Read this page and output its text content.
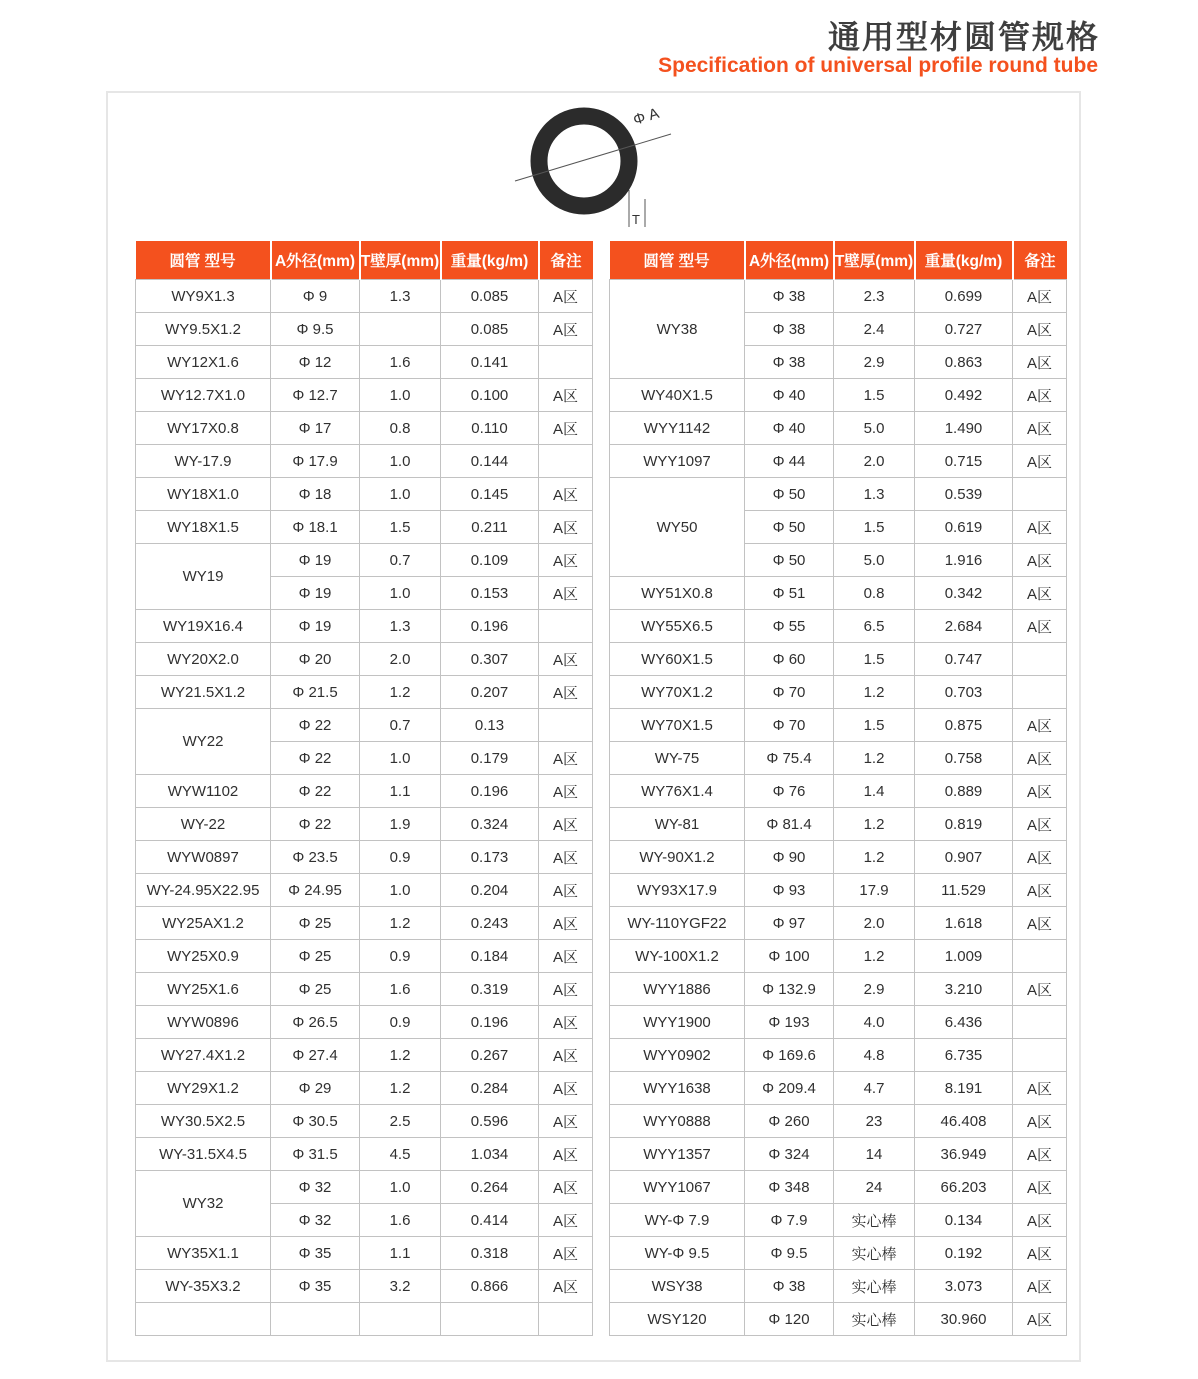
通用型材圆管规格
Specification of universal profile round tube
Φ A
T
圆管 型号	A外径(mm)	T壁厚(mm)	重量(kg/m)	备注
WY9X1.3	Φ 9	1.3	0.085	A区
WY9.5X1.2	Φ 9.5		0.085	A区
WY12X1.6	Φ 12	1.6	0.141	
WY12.7X1.0	Φ 12.7	1.0	0.100	A区
WY17X0.8	Φ 17	0.8	0.110	A区
WY-17.9	Φ 17.9	1.0	0.144	
WY18X1.0	Φ 18	1.0	0.145	A区
WY18X1.5	Φ 18.1	1.5	0.211	A区
WY19	Φ 19	0.7	0.109	A区
	Φ 19	1.0	0.153	A区
WY19X16.4	Φ 19	1.3	0.196	
WY20X2.0	Φ 20	2.0	0.307	A区
WY21.5X1.2	Φ 21.5	1.2	0.207	A区
WY22	Φ 22	0.7	0.13	
	Φ 22	1.0	0.179	A区
WYW1102	Φ 22	1.1	0.196	A区
WY-22	Φ 22	1.9	0.324	A区
WYW0897	Φ 23.5	0.9	0.173	A区
WY-24.95X22.95	Φ 24.95	1.0	0.204	A区
WY25AX1.2	Φ 25	1.2	0.243	A区
WY25X0.9	Φ 25	0.9	0.184	A区
WY25X1.6	Φ 25	1.6	0.319	A区
WYW0896	Φ 26.5	0.9	0.196	A区
WY27.4X1.2	Φ 27.4	1.2	0.267	A区
WY29X1.2	Φ 29	1.2	0.284	A区
WY30.5X2.5	Φ 30.5	2.5	0.596	A区
WY-31.5X4.5	Φ 31.5	4.5	1.034	A区
WY32	Φ 32	1.0	0.264	A区
	Φ 32	1.6	0.414	A区
WY35X1.1	Φ 35	1.1	0.318	A区
WY-35X3.2	Φ 35	3.2	0.866	A区

圆管 型号	A外径(mm)	T壁厚(mm)	重量(kg/m)	备注
WY38	Φ 38	2.3	0.699	A区
	Φ 38	2.4	0.727	A区
	Φ 38	2.9	0.863	A区
WY40X1.5	Φ 40	1.5	0.492	A区
WYY1142	Φ 40	5.0	1.490	A区
WYY1097	Φ 44	2.0	0.715	A区
WY50	Φ 50	1.3	0.539	
	Φ 50	1.5	0.619	A区
	Φ 50	5.0	1.916	A区
WY51X0.8	Φ 51	0.8	0.342	A区
WY55X6.5	Φ 55	6.5	2.684	A区
WY60X1.5	Φ 60	1.5	0.747	
WY70X1.2	Φ 70	1.2	0.703	
WY70X1.5	Φ 70	1.5	0.875	A区
WY-75	Φ 75.4	1.2	0.758	A区
WY76X1.4	Φ 76	1.4	0.889	A区
WY-81	Φ 81.4	1.2	0.819	A区
WY-90X1.2	Φ 90	1.2	0.907	A区
WY93X17.9	Φ 93	17.9	11.529	A区
WY-110YGF22	Φ 97	2.0	1.618	A区
WY-100X1.2	Φ 100	1.2	1.009	
WYY1886	Φ 132.9	2.9	3.210	A区
WYY1900	Φ 193	4.0	6.436	
WYY0902	Φ 169.6	4.8	6.735	
WYY1638	Φ 209.4	4.7	8.191	A区
WYY0888	Φ 260	23	46.408	A区
WYY1357	Φ 324	14	36.949	A区
WYY1067	Φ 348	24	66.203	A区
WY-Φ 7.9	Φ 7.9	实心棒	0.134	A区
WY-Φ 9.5	Φ 9.5	实心棒	0.192	A区
WSY38	Φ 38	实心棒	3.073	A区
WSY120	Φ 120	实心棒	30.960	A区
